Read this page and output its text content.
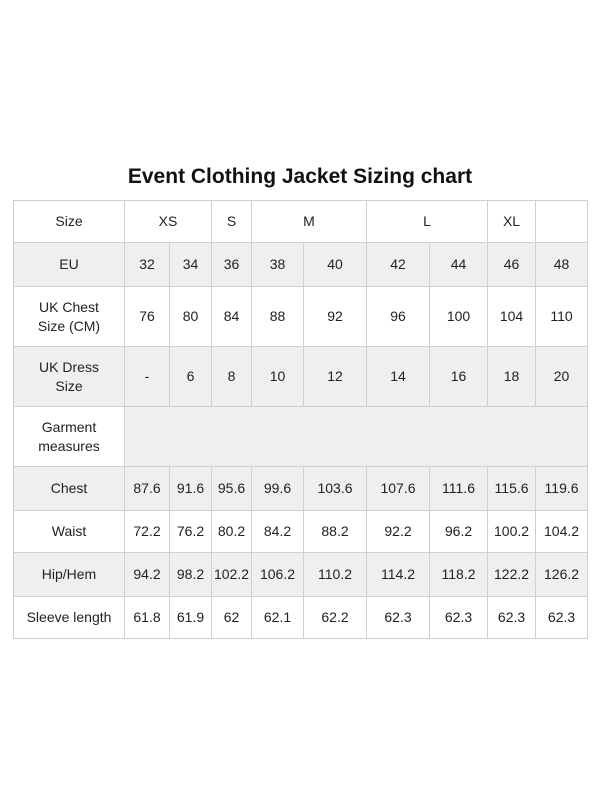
Event Clothing Jacket Sizing chart
Size	XS		S	M		L		XL	
EU	32	34	36	38	40	42	44	46	48
UK Chest
Size (CM)	76	80	84	88	92	96	100	104	110
UK Dress
Size	-	6	8	10	12	14	16	18	20
Garment
measures									
Chest	87.6	91.6	95.6	99.6	103.6	107.6	111.6	115.6	119.6
Waist	72.2	76.2	80.2	84.2	88.2	92.2	96.2	100.2	104.2
Hip/Hem	94.2	98.2	102.2	106.2	110.2	114.2	118.2	122.2	126.2
Sleeve length	61.8	61.9	62	62.1	62.2	62.3	62.3	62.3	62.3
